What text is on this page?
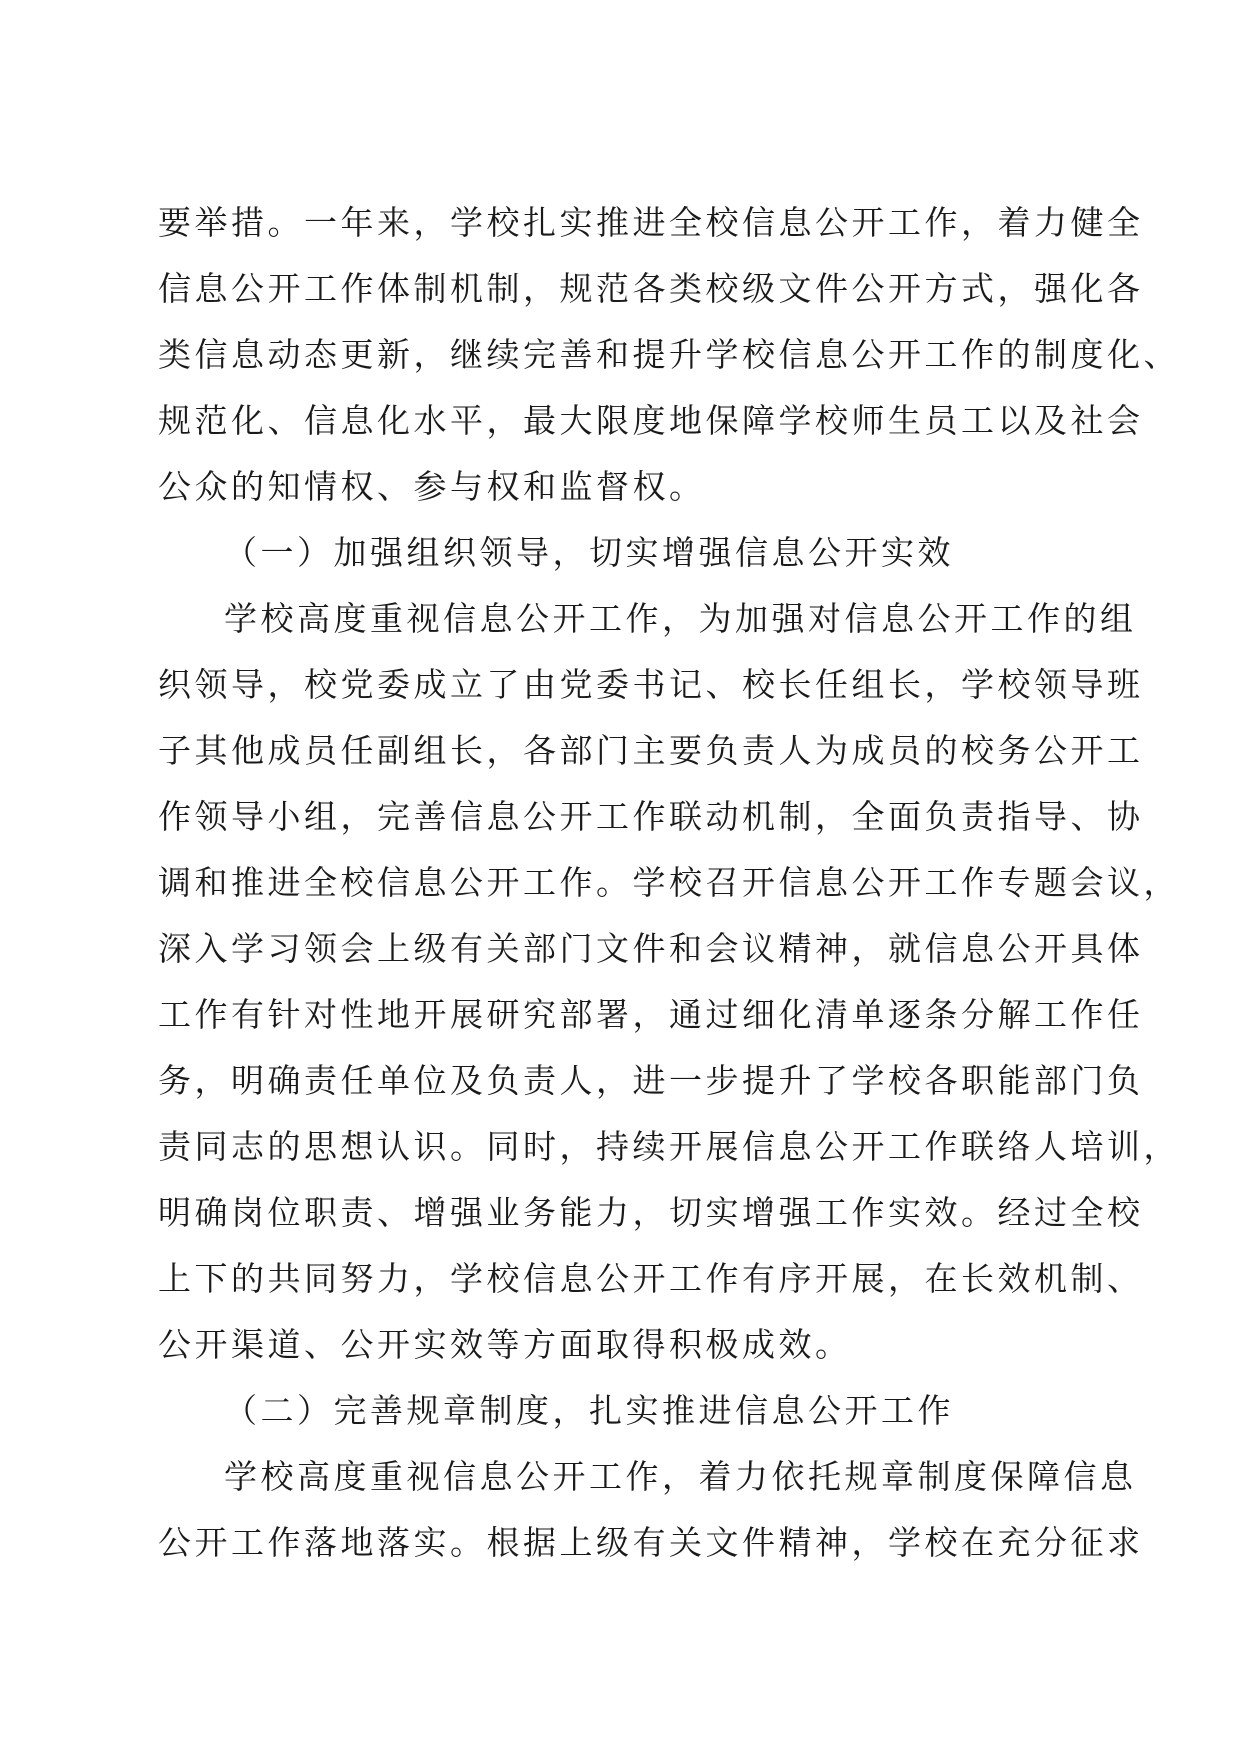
要举措。一年来，学校扎实推进全校信息公开工作，着力健全
信息公开工作体制机制，规范各类校级文件公开方式，强化各
类信息动态更新，继续完善和提升学校信息公开工作的制度化、
规范化、信息化水平，最大限度地保障学校师生员工以及社会
公众的知情权、参与权和监督权。
（一）加强组织领导，切实增强信息公开实效
学校高度重视信息公开工作，为加强对信息公开工作的组
织领导，校党委成立了由党委书记、校长任组长，学校领导班
子其他成员任副组长，各部门主要负责人为成员的校务公开工
作领导小组，完善信息公开工作联动机制，全面负责指导、协
调和推进全校信息公开工作。学校召开信息公开工作专题会议，
深入学习领会上级有关部门文件和会议精神，就信息公开具体
工作有针对性地开展研究部署，通过细化清单逐条分解工作任
务，明确责任单位及负责人，进一步提升了学校各职能部门负
责同志的思想认识。同时，持续开展信息公开工作联络人培训，
明确岗位职责、增强业务能力，切实增强工作实效。经过全校
上下的共同努力，学校信息公开工作有序开展，在长效机制、
公开渠道、公开实效等方面取得积极成效。
（二）完善规章制度，扎实推进信息公开工作
学校高度重视信息公开工作，着力依托规章制度保障信息
公开工作落地落实。根据上级有关文件精神，学校在充分征求
